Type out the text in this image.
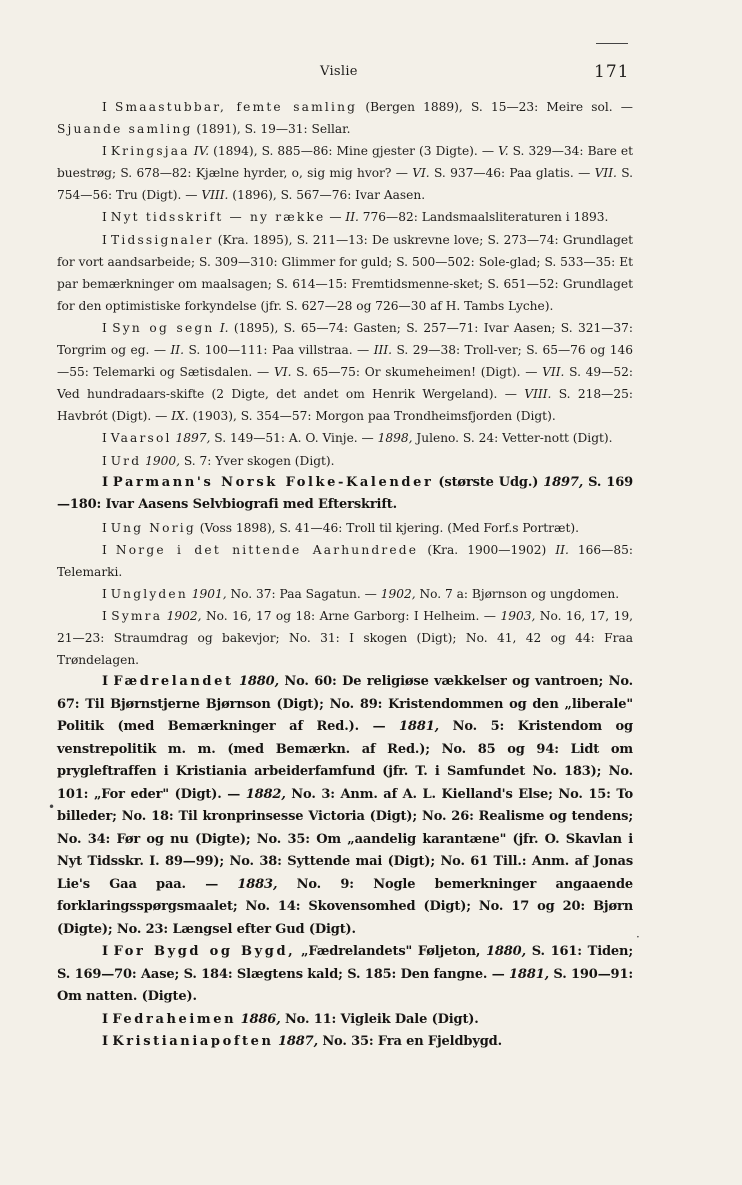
Vislie	171

I Smaastubbar, femte samling (Bergen 1889), S. 15—23: Meire sol. — Sjuande samling (1891), S. 19—31: Sellar.

I Kringsjaa IV. (1894), S. 885—86: Mine gjester (3 Digte). — V. S. 329—34: Bare et buestrøg; S. 678—82: Kjælne hyrder, o, sig mig hvor? — VI. S. 937—46: Paa glatis. — VII. S. 754—56: Tru (Digt). — VIII. (1896), S. 567—76: Ivar Aasen.

I Nyt tidsskrift — ny række — II. 776—82: Landsmaalsliteraturen i 1893.

I Tidssignaler (Kra. 1895), S. 211—13: De uskrevne love; S. 273—74: Grundlaget for vort aandsarbeide; S. 309—310: Glimmer for guld; S. 500—502: Sole-glad; S. 533—35: Et par bemærkninger om maalsagen; S. 614—15: Fremtidsmenne-sket; S. 651—52: Grundlaget for den optimistiske forkyndelse (jfr. S. 627—28 og 726—30 af H. Tambs Lyche).

I Syn og segn I. (1895), S. 65—74: Gasten; S. 257—71: Ivar Aasen; S. 321—37: Torgrim og eg. — II. S. 100—111: Paa villstraa. — III. S. 29—38: Troll-ver; S. 65—76 og 146—55: Telemarki og Sætisdalen. — VI. S. 65—75: Or skumeheimen! (Digt). — VII. S. 49—52: Ved hundradaars-skifte (2 Digte, det andet om Henrik Wergeland). — VIII. S. 218—25: Havbrót (Digt). — IX. (1903), S. 354—57: Morgon paa Trondheimsfjorden (Digt).

I Vaarsol 1897, S. 149—51: A. O. Vinje. — 1898, Juleno. S. 24: Vetter-nott (Digt).

I Urd 1900, S. 7: Yver skogen (Digt).

I Parmann's Norsk Folke-Kalender (største Udg.) 1897, S. 169—180: Ivar Aasens Selvbiografi med Efterskrift.

I Ung Norig (Voss 1898), S. 41—46: Troll til kjering. (Med Forf.s Portræt).

I Norge i det nittende Aarhundrede (Kra. 1900—1902) II. 166—85: Telemarki.

I Unglyden 1901, No. 37: Paa Sagatun. — 1902, No. 7 a: Bjørnson og ungdomen.

I Symra 1902, No. 16, 17 og 18: Arne Garborg: I Helheim. — 1903, No. 16, 17, 19, 21—23: Straumdrag og bakevjor; No. 31: I skogen (Digt); No. 41, 42 og 44: Fraa Trøndelagen.

I Fædrelandet 1880, No. 60: De religiøse vækkelser og vantroen; No. 67: Til Bjørnstjerne Bjørnson (Digt); No. 89: Kristendommen og den „liberale" Politik (med Bemærkninger af Red.). — 1881, No. 5: Kristendom og venstrepolitik m. m. (med Bemærkn. af Red.); No. 85 og 94: Lidt om prygleftraffen i Kristiania arbeiderfamfund (jfr. T. i Samfundet No. 183); No. 101: „For eder" (Digt). — 1882, No. 3: Anm. af A. L. Kielland's Else; No. 15: To billeder; No. 18: Til kronprinsesse Victoria (Digt); No. 26: Realisme og tendens; No. 34: Før og nu (Digte); No. 35: Om „aandelig karantæne" (jfr. O. Skavlan i Nyt Tidsskr. I. 89—99); No. 38: Syttende mai (Digt); No. 61 Till.: Anm. af Jonas Lie's Gaa paa. — 1883, No. 9: Nogle bemerkninger angaaende forklaringsspørgsmaalet; No. 14: Skovensomhed (Digt); No. 17 og 20: Bjørn (Digte); No. 23: Længsel efter Gud (Digt).

I For Bygd og Bygd, „Fædrelandets" Føljeton, 1880, S. 161: Tiden; S. 169—70: Aase; S. 184: Slægtens kald; S. 185: Den fangne. — 1881, S. 190—91: Om natten. (Digte).

I Fedraheimen 1886, No. 11: Vigleik Dale (Digt).

I Kristianiapoften 1887, No. 35: Fra en Fjeldbygd.

•
·
